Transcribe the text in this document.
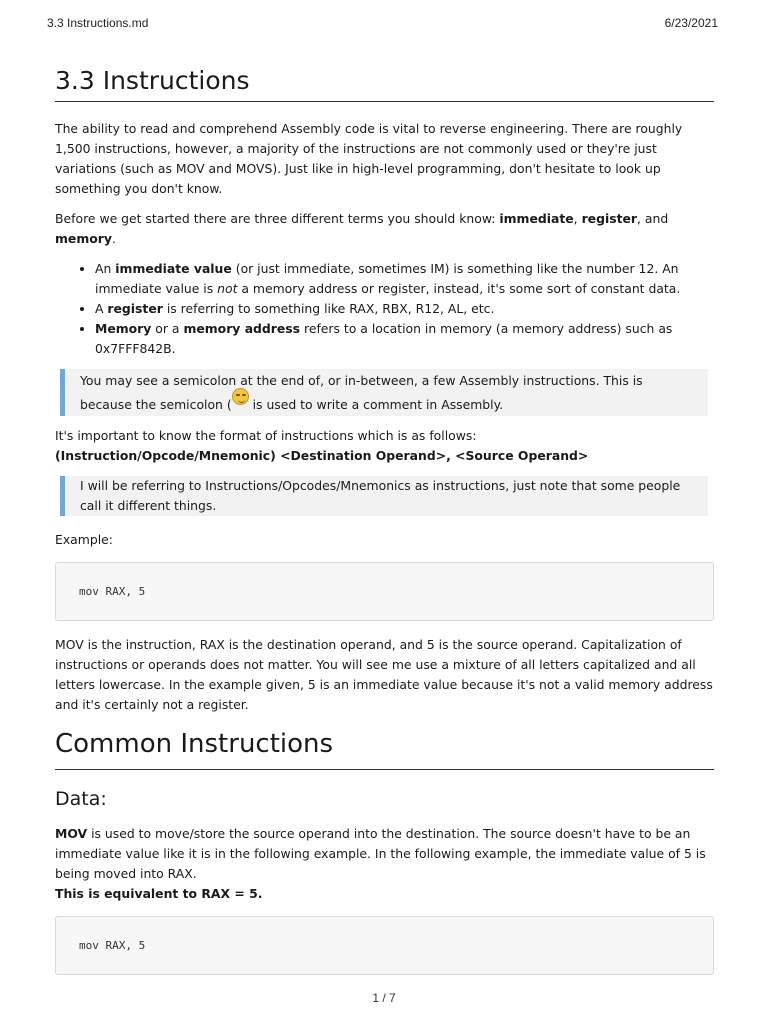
3.3 Instructions.md	6/23/2021
3.3 Instructions

The ability to read and comprehend Assembly code is vital to reverse engineering. There are roughly 1,500 instructions, however, a majority of the instructions are not commonly used or they're just variations (such as MOV and MOVS). Just like in high-level programming, don't hesitate to look up something you don't know.

Before we get started there are three different terms you should know: immediate, register, and memory.

• An immediate value (or just immediate, sometimes IM) is something like the number 12. An immediate value is not a memory address or register, instead, it's some sort of constant data.
• A register is referring to something like RAX, RBX, R12, AL, etc.
• Memory or a memory address refers to a location in memory (a memory address) such as 0x7FFF842B.
You may see a semicolon at the end of, or in-between, a few Assembly instructions. This is because the semicolon (
is used to write a comment in Assembly.

It's important to know the format of instructions which is as follows:
(Instruction/Opcode/Mnemonic) <Destination Operand>, <Source Operand>

I will be referring to Instructions/Opcodes/Mnemonics as instructions, just note that some people call it different things.

Example:

mov RAX, 5

MOV is the instruction, RAX is the destination operand, and 5 is the source operand. Capitalization of instructions or operands does not matter. You will see me use a mixture of all letters capitalized and all letters lowercase. In the example given, 5 is an immediate value because it's not a valid memory address and it's certainly not a register.

Common Instructions
Data:

MOV is used to move/store the source operand into the destination. The source doesn't have to be an immediate value like it is in the following example. In the following example, the immediate value of 5 is being moved into RAX.
This is equivalent to RAX = 5.

mov RAX, 5
1 / 7
